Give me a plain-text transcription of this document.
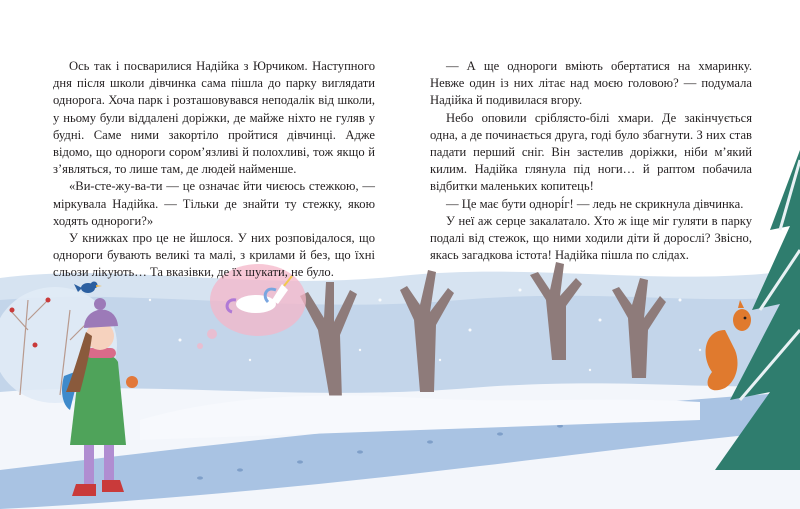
Ось так і посварилися Надійка з Юрчиком. Наступного дня після школи дівчинка сама пішла до парку виглядати однорога. Хоча парк і розташовувався неподалік від школи, у ньому були віддалені доріжки, де майже ніхто не гуляв у будні. Саме ними закортіло пройтися дівчинці. Адже відомо, що однороги сором’язливі й полохливі, тож якщо й з’являться, то лише там, де людей найменше.

«Ви-сте-жу-ва-ти — це означає йти чиєюсь стежкою, — міркувала Надійка. — Тільки де знайти ту стежку, якою ходять однороги?»

У книжках про це не йшлося. У них розповідалося, що однороги бувають великі та малі, з крилами й без, що їхні сльози лікують… Та вказівки, де їх шукати, не було.

— А ще однороги вміють обертатися на хмаринку. Невже один із них літає над моєю головою? — подумала Надійка й подивилася вгору.

Небо оповили сріблясто-білі хмари. Де закінчується одна, а де починається друга, годі було збагнути. З них став падати перший сніг. Він застелив доріжки, ніби м’який килим. Надійка глянула під ноги… й раптом побачила відбитки маленьких копитець!

— Це має бути однорі́г! — ледь не скрикнула дівчинка.

У неї аж серце закалатало. Хто ж іще міг гуляти в парку подалі від стежок, що ними ходили діти й дорослі? Звісно, якась загадкова істота! Надійка пішла по слідах.
